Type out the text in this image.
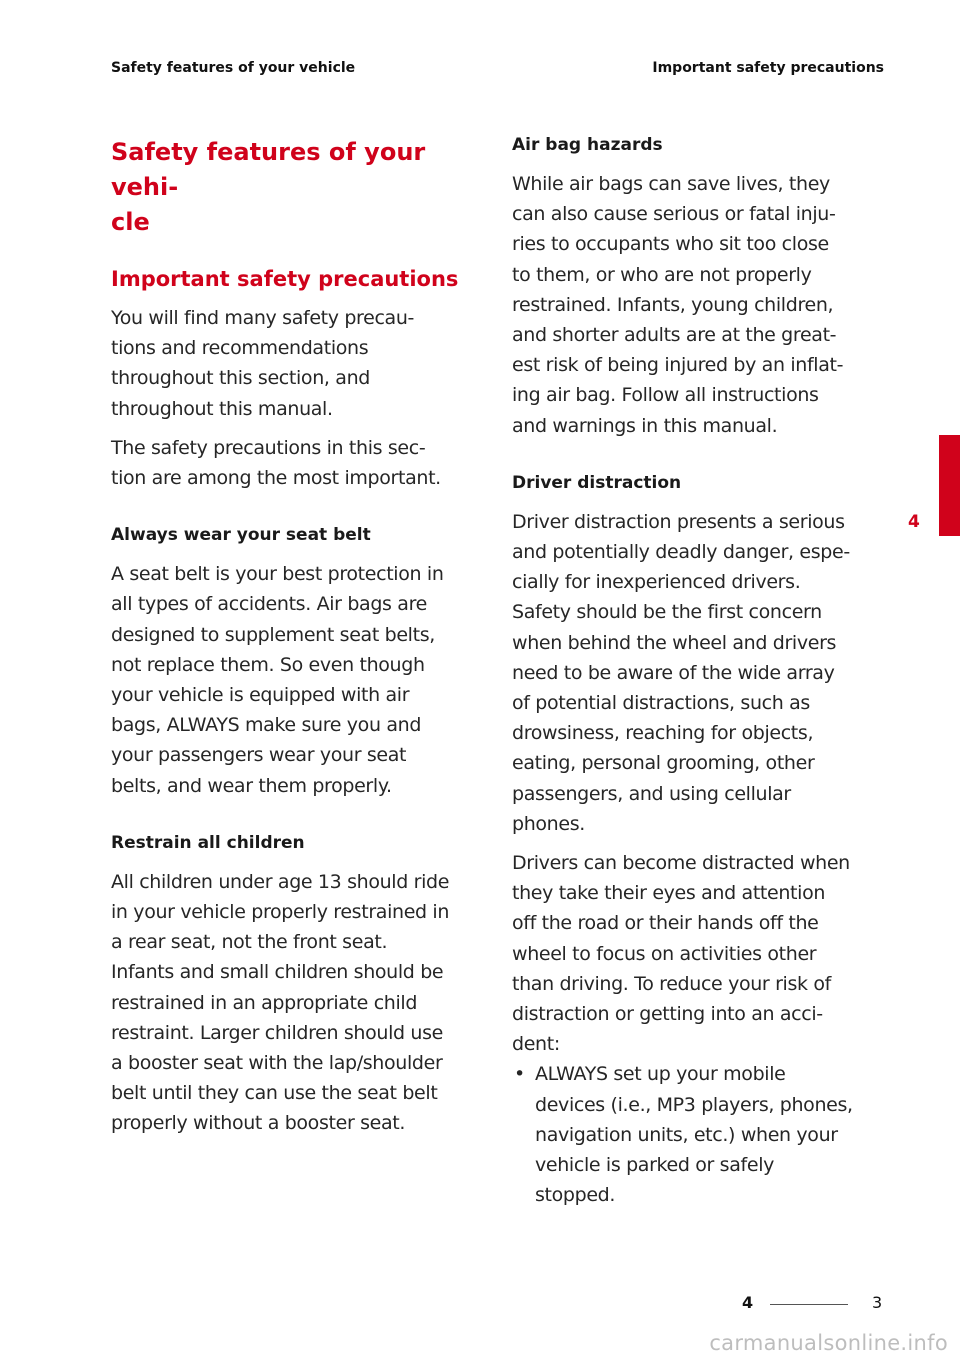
Safety features of your vehicle	Important safety precautions
Safety features of your vehi-
cle
Important safety precautions

You will find many safety precau-
tions and recommendations
throughout this section, and
throughout this manual.

The safety precautions in this sec-
tion are among the most important.

Always wear your seat belt

A seat belt is your best protection in
all types of accidents. Air bags are
designed to supplement seat belts,
not replace them. So even though
your vehicle is equipped with air
bags, ALWAYS make sure you and
your passengers wear your seat
belts, and wear them properly.

Restrain all children

All children under age 13 should ride
in your vehicle properly restrained in
a rear seat, not the front seat.
Infants and small children should be
restrained in an appropriate child
restraint. Larger children should use
a booster seat with the lap/shoulder
belt until they can use the seat belt
properly without a booster seat.

Air bag hazards

While air bags can save lives, they
can also cause serious or fatal inju-
ries to occupants who sit too close
to them, or who are not properly
restrained. Infants, young children,
and shorter adults are at the great-
est risk of being injured by an inflat-
ing air bag. Follow all instructions
and warnings in this manual.

Driver distraction

Driver distraction presents a serious
and potentially deadly danger, espe-
cially for inexperienced drivers.
Safety should be the first concern
when behind the wheel and drivers
need to be aware of the wide array
of potential distractions, such as
drowsiness, reaching for objects,
eating, personal grooming, other
passengers, and using cellular
phones.

Drivers can become distracted when
they take their eyes and attention
off the road or their hands off the
wheel to focus on activities other
than driving. To reduce your risk of
distraction or getting into an acci-
dent:

• ALWAYS set up your mobile
devices (i.e., MP3 players, phones,
navigation units, etc.) when your
vehicle is parked or safely
stopped.
4
4	3
carmanualsonline.info
